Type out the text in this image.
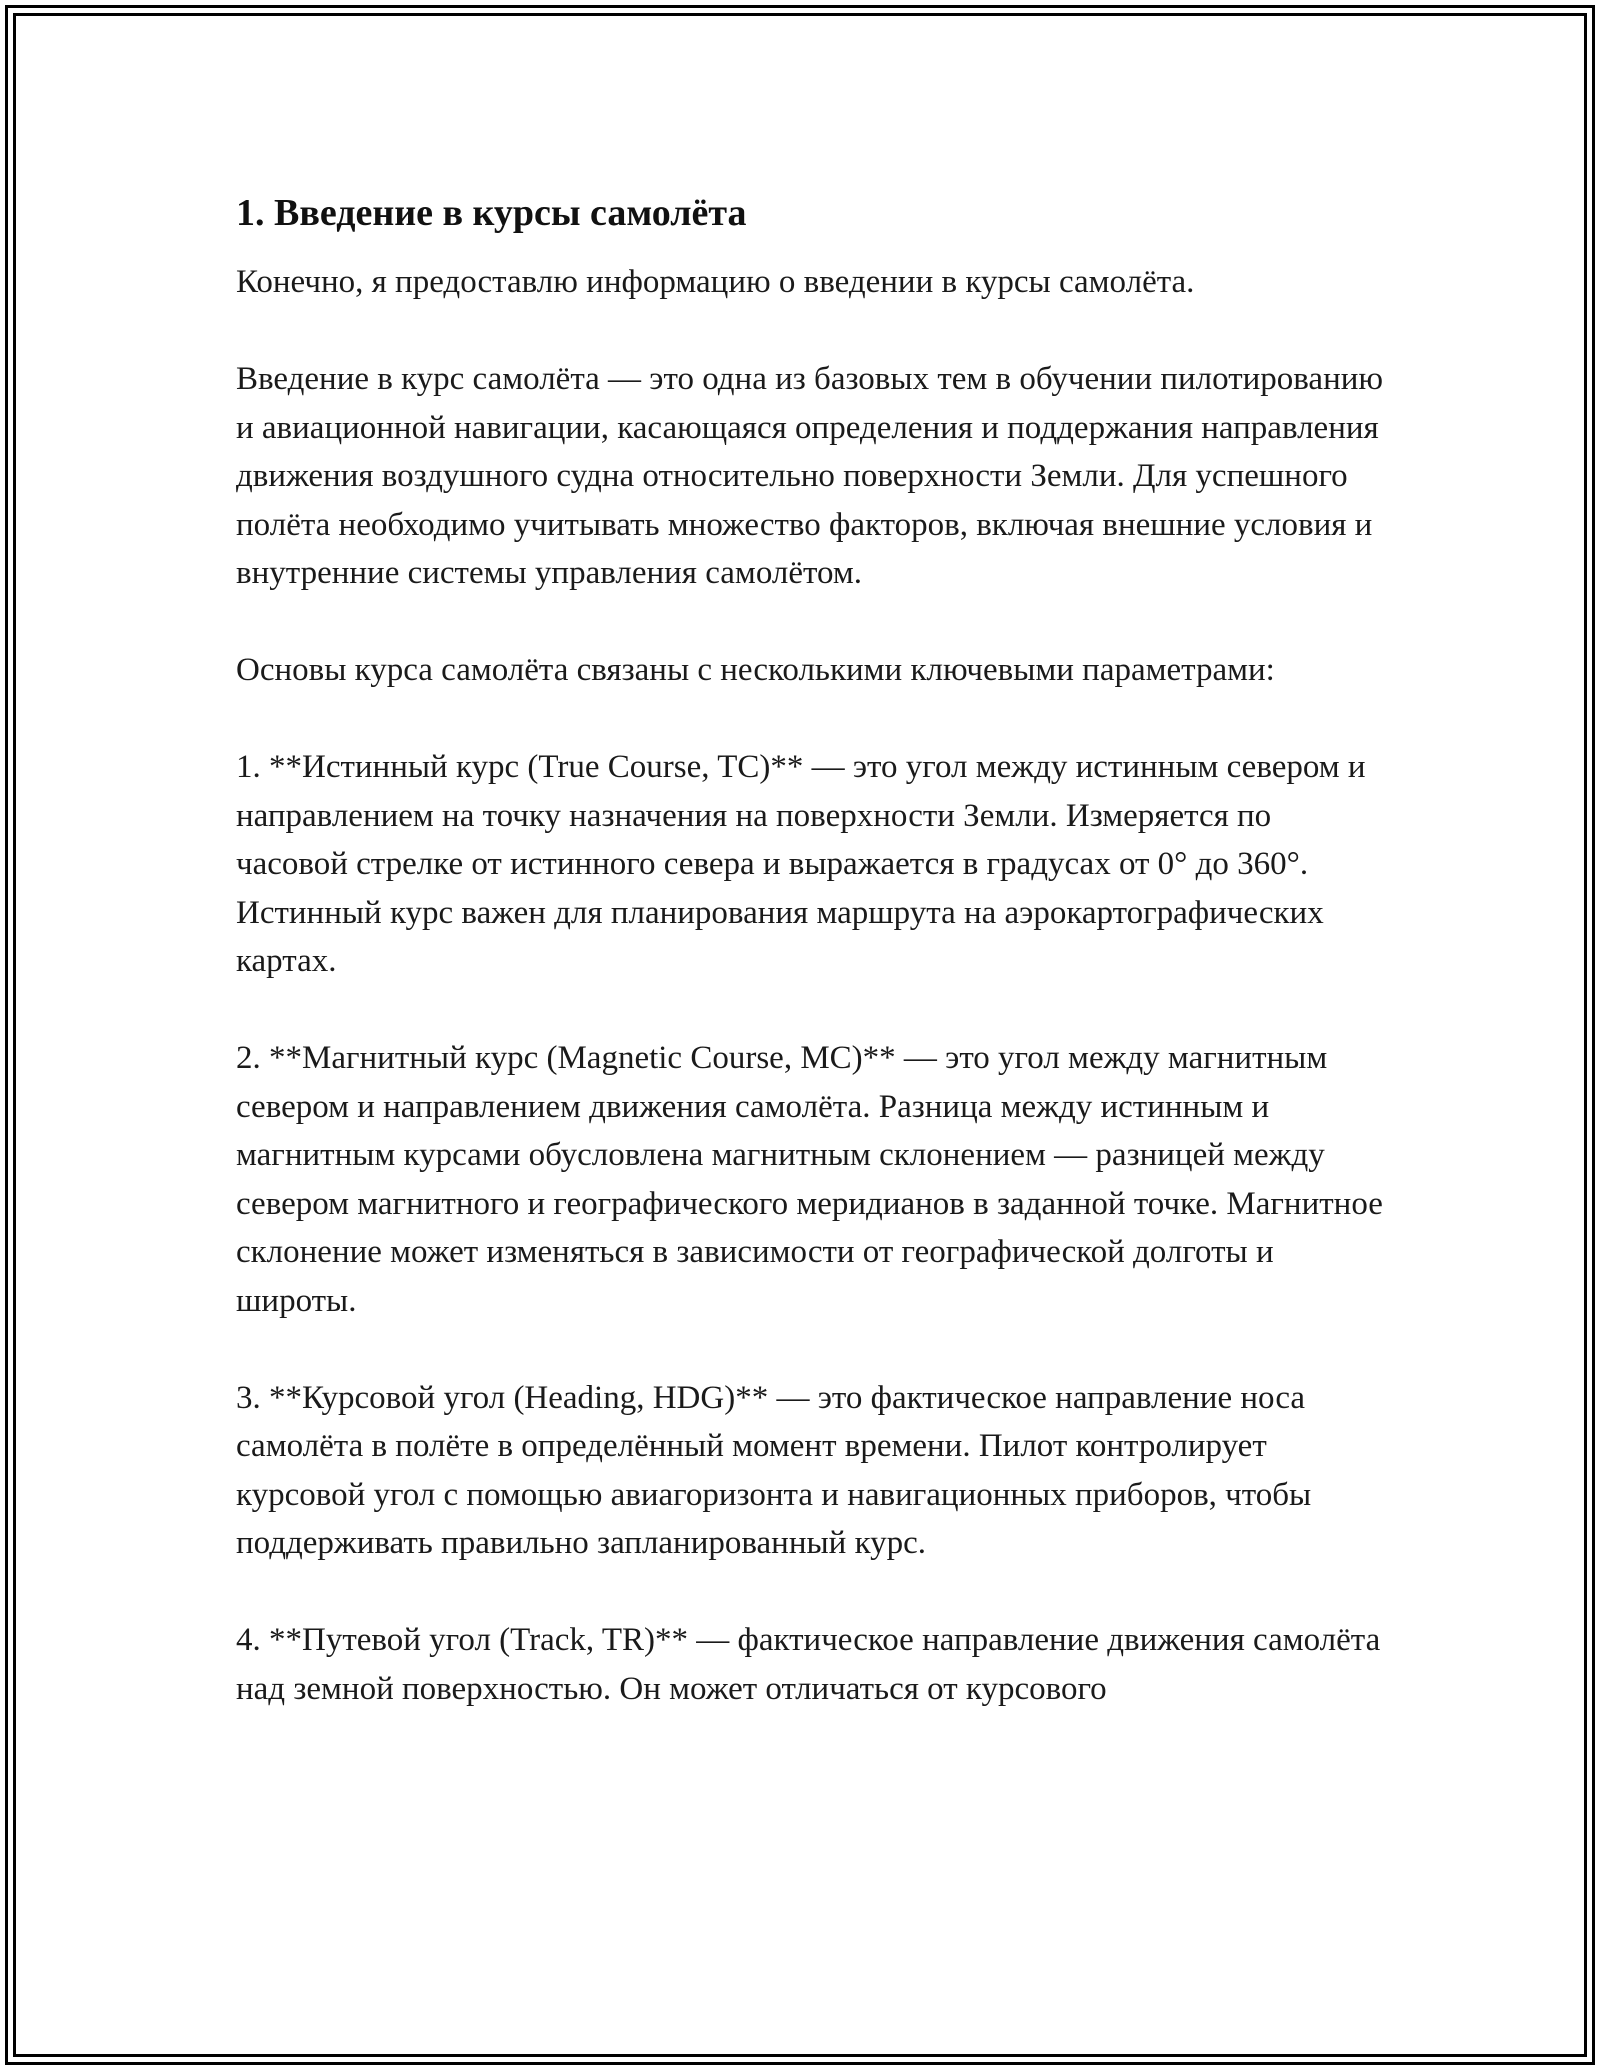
1. Введение в курсы самолёта

Конечно, я предоставлю информацию о введении в курсы самолёта.

Введение в курс самолёта — это одна из базовых тем в обучении пилотированию и авиационной навигации, касающаяся определения и поддержания направления движения воздушного судна относительно поверхности Земли. Для успешного полёта необходимо учитывать множество факторов, включая внешние условия и внутренние системы управления самолётом.

Основы курса самолёта связаны с несколькими ключевыми параметрами:

1. **Истинный курс (True Course, TC)** — это угол между истинным севером и направлением на точку назначения на поверхности Земли. Измеряется по часовой стрелке от истинного севера и выражается в градусах от 0° до 360°. Истинный курс важен для планирования маршрута на аэрокартографических картах.

2. **Магнитный курс (Magnetic Course, MC)** — это угол между магнитным севером и направлением движения самолёта. Разница между истинным и магнитным курсами обусловлена магнитным склонением — разницей между севером магнитного и географического меридианов в заданной точке. Магнитное склонение может изменяться в зависимости от географической долготы и широты.

3. **Курсовой угол (Heading, HDG)** — это фактическое направление носа самолёта в полёте в определённый момент времени. Пилот контролирует курсовой угол с помощью авиагоризонта и навигационных приборов, чтобы поддерживать правильно запланированный курс.

4. **Путевой угол (Track, TR)** — фактическое направление движения самолёта над земной поверхностью. Он может отличаться от курсового
